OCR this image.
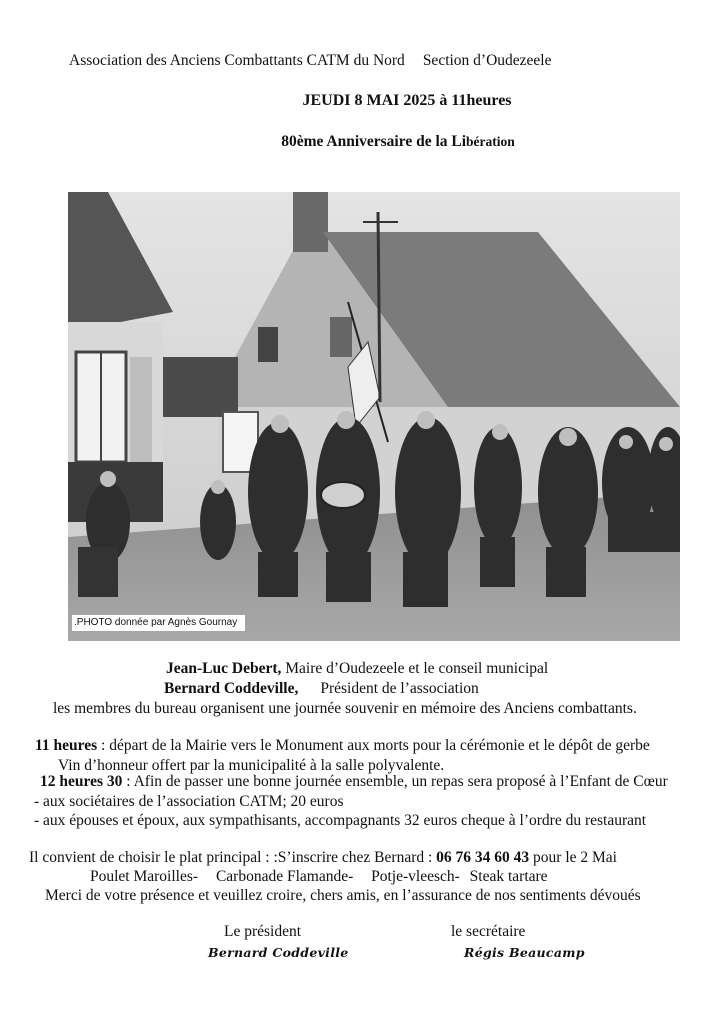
Association des Anciens Combattants CATM du Nord Section d’Oudezeele
JEUDI 8 MAI 2025 à 11heures
80ème Anniversaire de la Libération
.PHOTO donnée par Agnès Gournay
Jean-Luc Debert, Maire d’Oudezeele et le conseil municipal
Bernard Coddeville, Président de l’association
les membres du bureau organisent une journée souvenir en mémoire des Anciens combattants.
11 heures : départ de la Mairie vers le Monument aux morts pour la cérémonie et le dépôt de gerbe
Vin d’honneur offert par la municipalité à la salle polyvalente.
12 heures 30 : Afin de passer une bonne journée ensemble, un repas sera proposé à l’Enfant de Cœur
- aux sociétaires de l’association CATM; 20 euros
- aux épouses et époux, aux sympathisants, accompagnants 32 euros cheque à l’ordre du restaurant
Il convient de choisir le plat principal : :S’inscrire chez Bernard : 06 76 34 60 43 pour le 2 Mai
Poulet Maroilles- Carbonade Flamande- Potje-vleesch- Steak tartare
Merci de votre présence et veuillez croire, chers amis, en l’assurance de nos sentiments dévoués
Le président	le secrétaire
Bernard Coddeville	Régis Beaucamp
